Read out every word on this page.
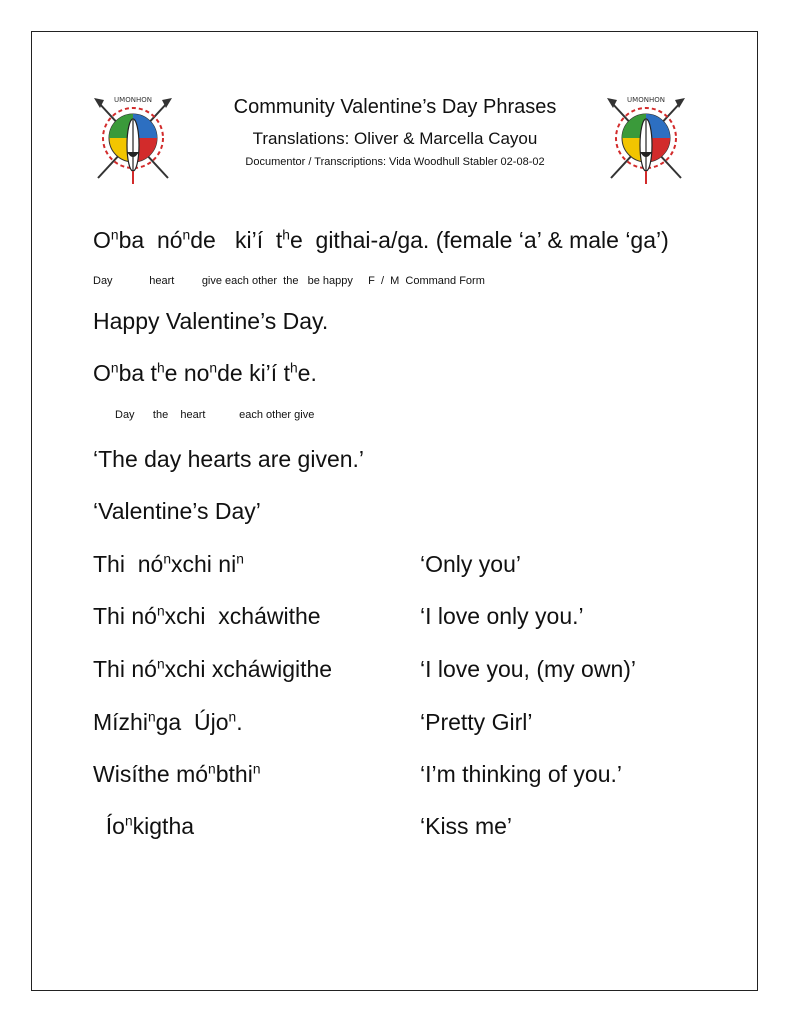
UMONHON	UMONHON
Community Valentine’s Day Phrases
Translations: Oliver & Marcella Cayou
Documentor / Transcriptions: Vida Woodhull Stabler 02-08-02
$O^nba$  $nó^nde$   ki’í  $t^he$  githai-a/ga. (female ‘a’ & male ‘ga’)
Day            heart         give each other  the   be happy     F  /  M  Command Form
Happy Valentine’s Day.
$O^nba$ $t^he$ $no^nde$ ki’í $t^he$.
Day      the    heart           each other give
‘The day hearts are given.’
‘Valentine’s Day’
Thi  $nó^nxchi$ $ni^n$	‘Only you’
Thi $nó^nxchi$  xcháwithe	‘I love only you.’
Thi $nó^nxchi$ xcháwigithe	‘I love you, (my own)’
Mízhi$^n$ga  Újo$^n$.	‘Pretty Girl’
Wisíthe $mó^nbthi^n$	‘I’m thinking of you.’
$Ío^nkigtha$	‘Kiss me’
